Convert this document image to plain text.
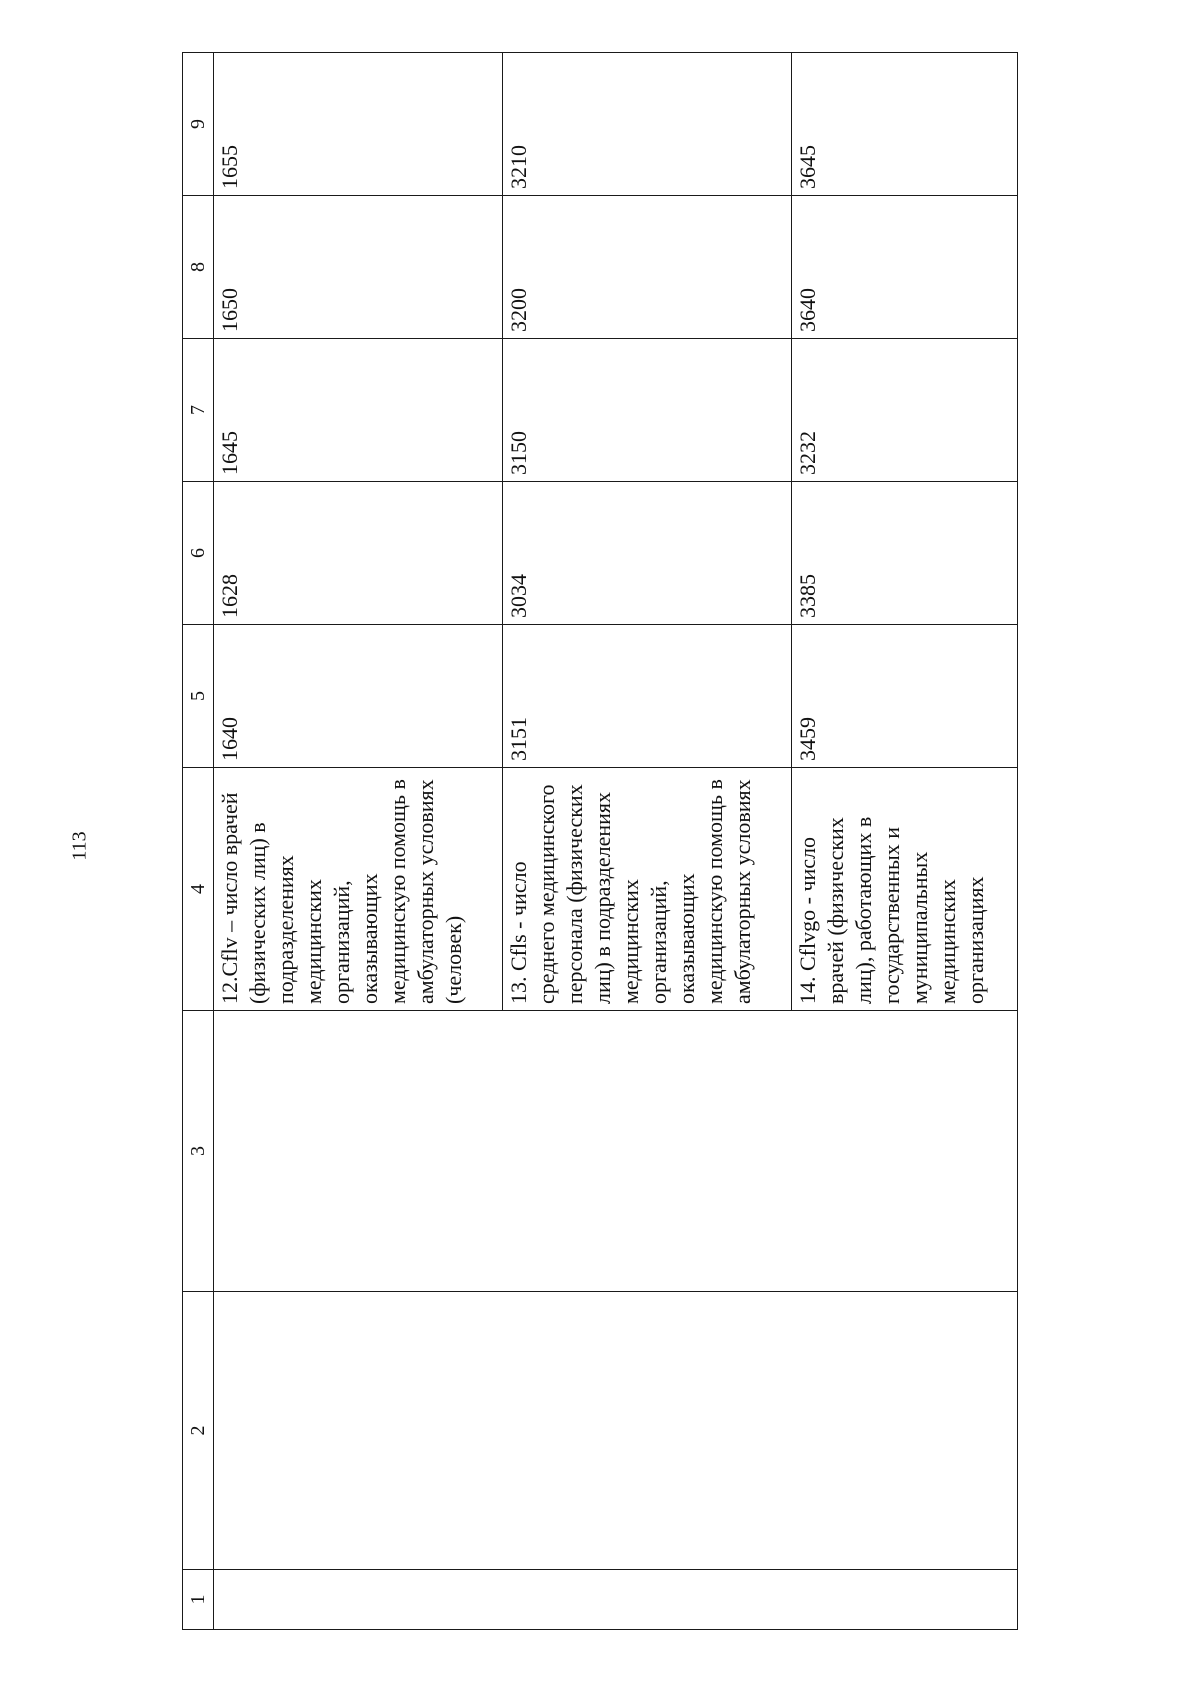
113
1	2	3	4	5	6	7	8	9
			12.Cflv – число врачей (физических лиц) в подразделениях медицинских организаций, оказывающих медицинскую помощь в амбулаторных условиях (человек)	1640	1628	1645	1650	1655
			13. Cfls - число среднего медицинского персонала (физических лиц) в подразделениях медицинских организаций, оказывающих медицинскую помощь в амбулаторных условиях	3151	3034	3150	3200	3210
			14. Cflvgo - число врачей (физических лиц), работающих в государственных и муниципальных медицинских организациях	3459	3385	3232	3640	3645
